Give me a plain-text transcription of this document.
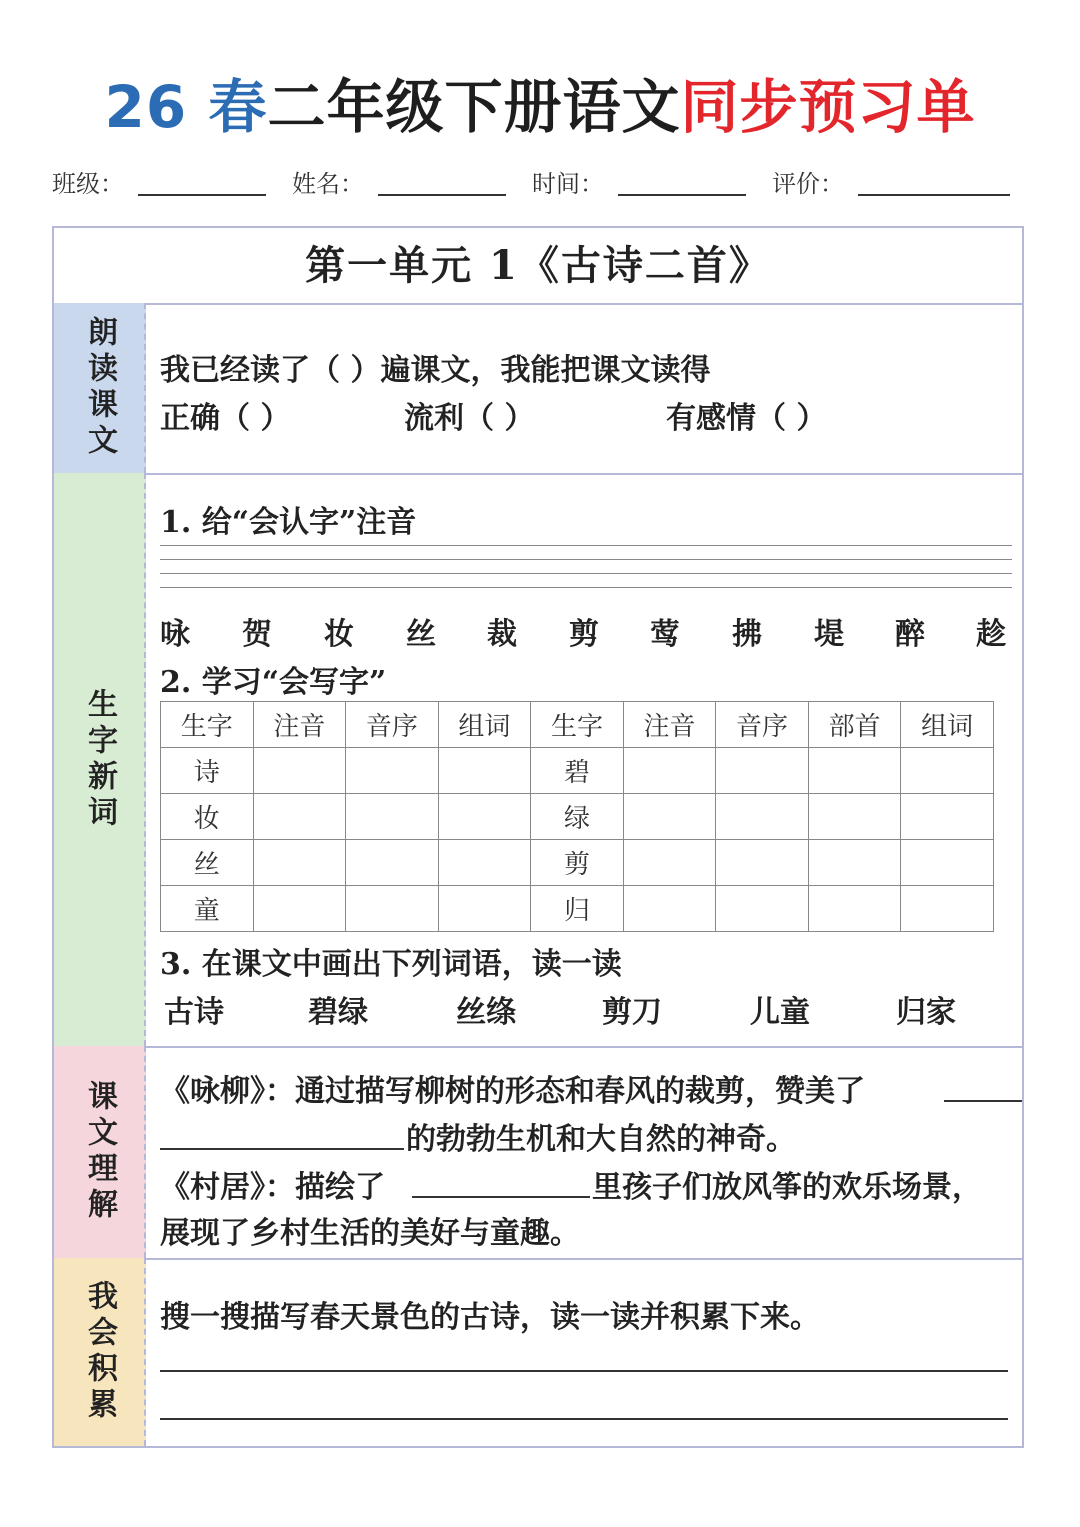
26 春二年级下册语文同步预习单
班级：	姓名：	时间：	评价：
第一单元 1《古诗二首》
朗读课文 我已经读了（ ）遍课文，我能把课文读得
正确（ ）	流利（ ）	有感情（ ）
生字新词
1. 给“会认字”注音
咏 贺 妆 丝 裁 剪 莺 拂 堤 醉 趁
2. 学习“会写字”
生字	注音	音序	组词	生字	注音	音序	部首	组词
诗				碧				
妆				绿				
丝				剪				
童				归				
3. 在课文中画出下列词语，读一读
古诗	碧绿	丝绦	剪刀	儿童	归家
课文理解 《咏柳》：通过描写柳树的形态和春风的裁剪，赞美了
的勃勃生机和大自然的神奇。
《村居》：描绘了	里孩子们放风筝的欢乐场景，
展现了乡村生活的美好与童趣。
我会积累 搜一搜描写春天景色的古诗，读一读并积累下来。
